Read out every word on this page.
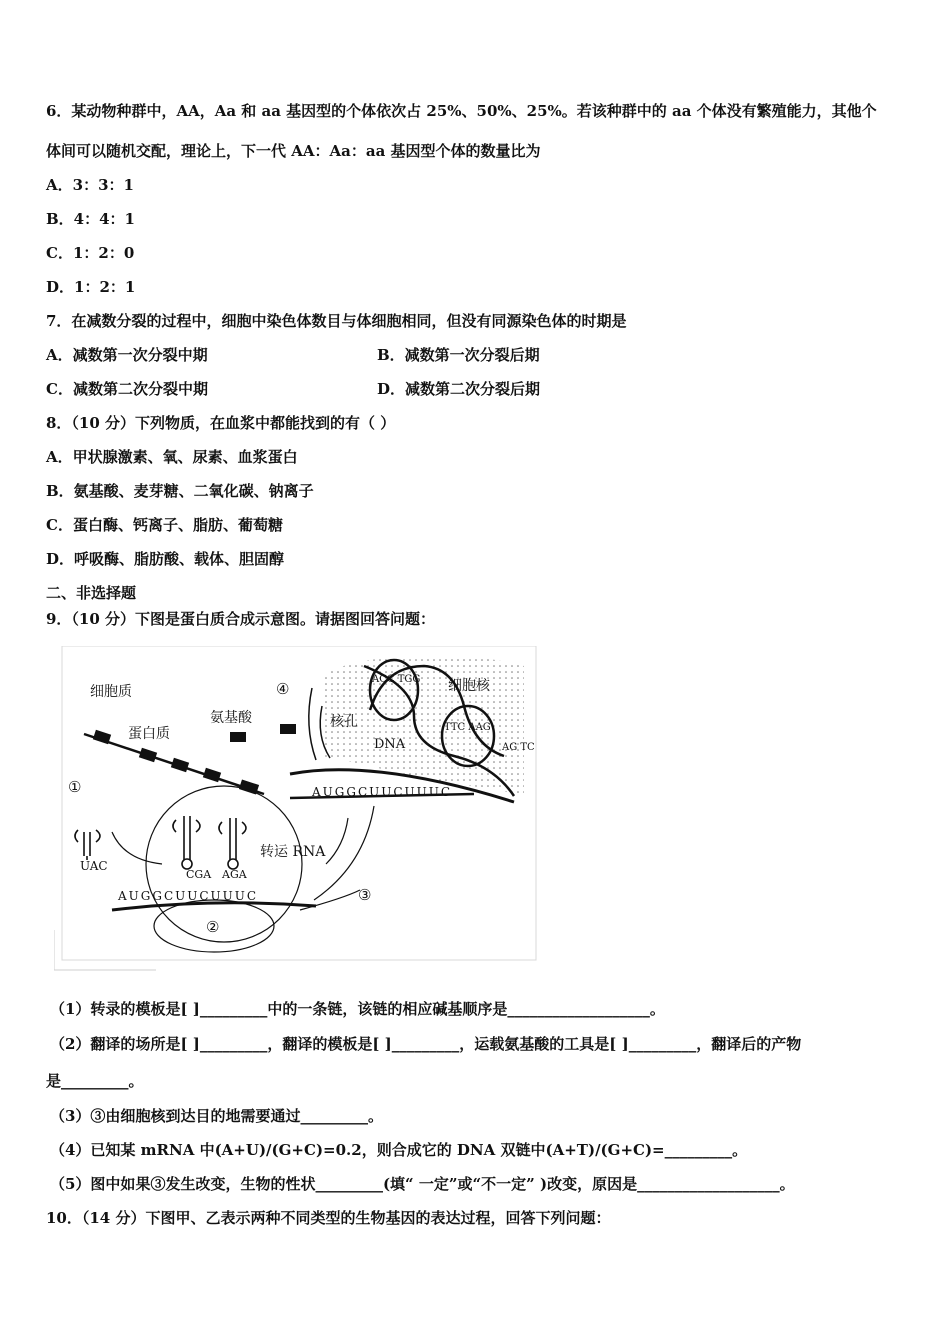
6．某动物种群中，AA，Aa 和 aa 基因型的个体依次占 25%、50%、25%。若该种群中的 aa 个体没有繁殖能力，其他个
体间可以随机交配，理论上，下一代 AA：Aa：aa 基因型个体的数量比为
A．3：3：1
B．4：4：1
C．1：2：0
D．1：2：1
7．在减数分裂的过程中，细胞中染色体数目与体细胞相同，但没有同源染色体的时期是
A．减数第一次分裂中期	B．减数第一次分裂后期
C．减数第二次分裂中期	D．减数第二次分裂后期
8．（10 分）下列物质，在血浆中都能找到的有（ ）
A．甲状腺激素、氧、尿素、血浆蛋白
B．氨基酸、麦芽糖、二氧化碳、钠离子
C．蛋白酶、钙离子、脂肪、葡萄糖
D．呼吸酶、脂肪酸、载体、胆固醇
二、非选择题
9．（10 分）下图是蛋白质合成示意图。请据图回答问题：
ACC TGG
TTC AAG
AG TC
AUGGCUUCUUUC
AUGGCUUCUUUC
UAC
CGA AGA
细胞质
蛋白质
氨基酸
细胞核
核孔
DNA
转运 RNA
①
②
③
④
（1）转录的模板是[ ]_________中的一条链，该链的相应碱基顺序是___________________。
（2）翻译的场所是[ ]_________，翻译的模板是[ ]_________，运载氨基酸的工具是[ ]_________，翻译后的产物
是_________。
（3）③由细胞核到达目的地需要通过_________。
（4）已知某 mRNA 中(A+U)/(G+C)=0.2，则合成它的 DNA 双链中(A+T)/(G+C)=_________。
（5）图中如果③发生改变，生物的性状_________(填“ 一定”或“不一定” )改变，原因是___________________。
10．（14 分）下图甲、乙表示两种不同类型的生物基因的表达过程，回答下列问题：
